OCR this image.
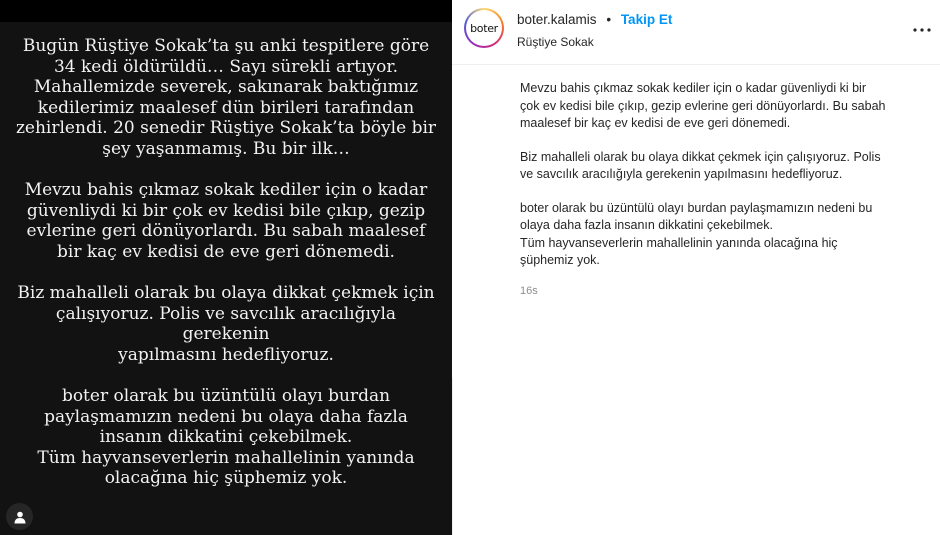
Bugün Rüştiye Sokak’ta şu anki tespitlere göre
34 kedi öldürüldü… Sayı sürekli artıyor.
Mahallemizde severek, sakınarak baktığımız
kedilerimiz maalesef dün birileri tarafından
zehirlendi. 20 senedir Rüştiye Sokak’ta böyle bir
şey yaşanmamış. Bu bir ilk…

Mevzu bahis çıkmaz sokak kediler için o kadar
güvenliydi ki bir çok ev kedisi bile çıkıp, gezip
evlerine geri dönüyorlardı. Bu sabah maalesef
bir kaç ev kedisi de eve geri dönemedi.

Biz mahalleli olarak bu olaya dikkat çekmek için
çalışıyoruz. Polis ve savcılık aracılığıyla gerekenin
yapılmasını hedefliyoruz.

boter olarak bu üzüntülü olayı burdan
paylaşmamızın nedeni bu olaya daha fazla
insanın dikkatini çekebilmek.
Tüm hayvanseverlerin mahallelinin yanında
olacağına hiç şüphemiz yok.

boter
boter.kalamis • Takip Et
Rüştiye Sokak

Mevzu bahis çıkmaz sokak kediler için o kadar güvenliydi ki bir
çok ev kedisi bile çıkıp, gezip evlerine geri dönüyorlardı. Bu sabah
maalesef bir kaç ev kedisi de eve geri dönemedi.

Biz mahalleli olarak bu olaya dikkat çekmek için çalışıyoruz. Polis
ve savcılık aracılığıyla gerekenin yapılmasını hedefliyoruz.

boter olarak bu üzüntülü olayı burdan paylaşmamızın nedeni bu
olaya daha fazla insanın dikkatini çekebilmek.
Tüm hayvanseverlerin mahallelinin yanında olacağına hiç
şüphemiz yok.

16s
